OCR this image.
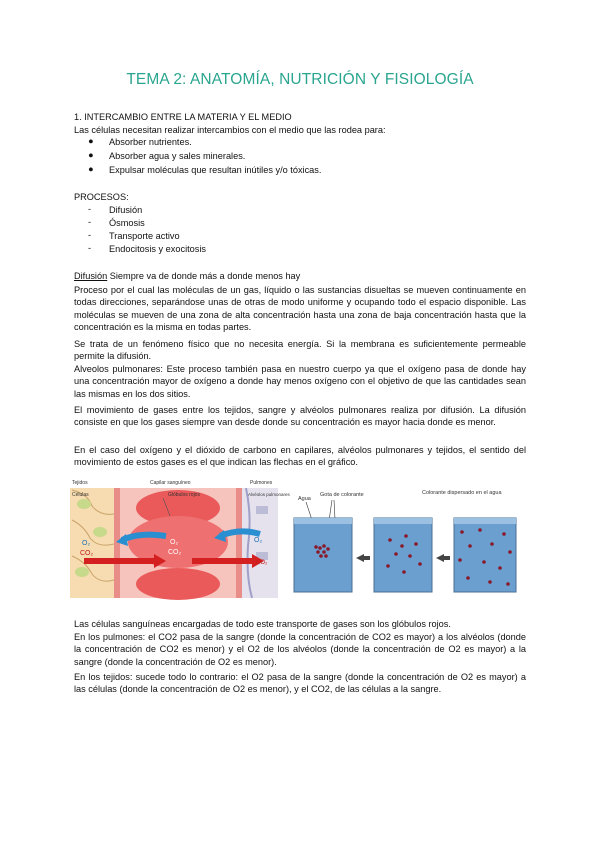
TEMA 2: ANATOMÍA, NUTRICIÓN Y FISIOLOGÍA
1. INTERCAMBIO ENTRE LA MATERIA Y EL MEDIO
Las células necesitan realizar intercambios con el medio que las rodea para:
● Absorber nutrientes.
● Absorber agua y sales minerales.
● Expulsar moléculas que resultan inútiles y/o tóxicas.
PROCESOS:
- Difusión
- Ósmosis
- Transporte activo
- Endocitosis y exocitosis
Difusión Siempre va de donde más a donde menos hay
Proceso por el cual las moléculas de un gas, líquido o las sustancias disueltas se mueven continuamente en todas direcciones, separándose unas de otras de modo uniforme y ocupando todo el espacio disponible. Las moléculas se mueven de una zona de alta concentración hasta una zona de baja concentración hasta que la concentración es la misma en todas partes.
Se trata de un fenómeno físico que no necesita energía. Si la membrana es suficientemente permeable permite la difusión.
Alveolos pulmonares: Este proceso también pasa en nuestro cuerpo ya que el oxígeno pasa de donde hay una concentración mayor de oxígeno a donde hay menos oxígeno con el objetivo de que las cantidades sean las mismas en los dos sitios.
El movimiento de gases entre los tejidos, sangre y alvéolos pulmonares realiza por difusión. La difusión consiste en que los gases siempre van desde donde su concentración es mayor hacia donde es menor.
En el caso del oxígeno y el dióxido de carbono en capilares, alvéolos pulmonares y tejidos, el sentido del movimiento de estos gases es el que indican las flechas en el gráfico.
Tejidos	Capilar sanguíneo	Pulmones
Células	Glóbulos rojos	Alvéolos pulmonares
O₂
CO₂
O₂
CO₂
O₂
CO₂
Agua
Gota de colorante	Colorante dispersado en el agua
Las células sanguíneas encargadas de todo este transporte de gases son los glóbulos rojos.
En los pulmones: el CO2 pasa de la sangre (donde la concentración de CO2 es mayor) a los alvéolos (donde la concentración de CO2 es menor) y el O2 de los alvéolos (donde la concentración de O2 es mayor) a la sangre (donde la concentración de O2 es menor).
En los tejidos: sucede todo lo contrario: el O2 pasa de la sangre (donde la concentración de O2 es mayor) a las células (donde la concentración de O2 es menor), y el CO2, de las células a la sangre.
